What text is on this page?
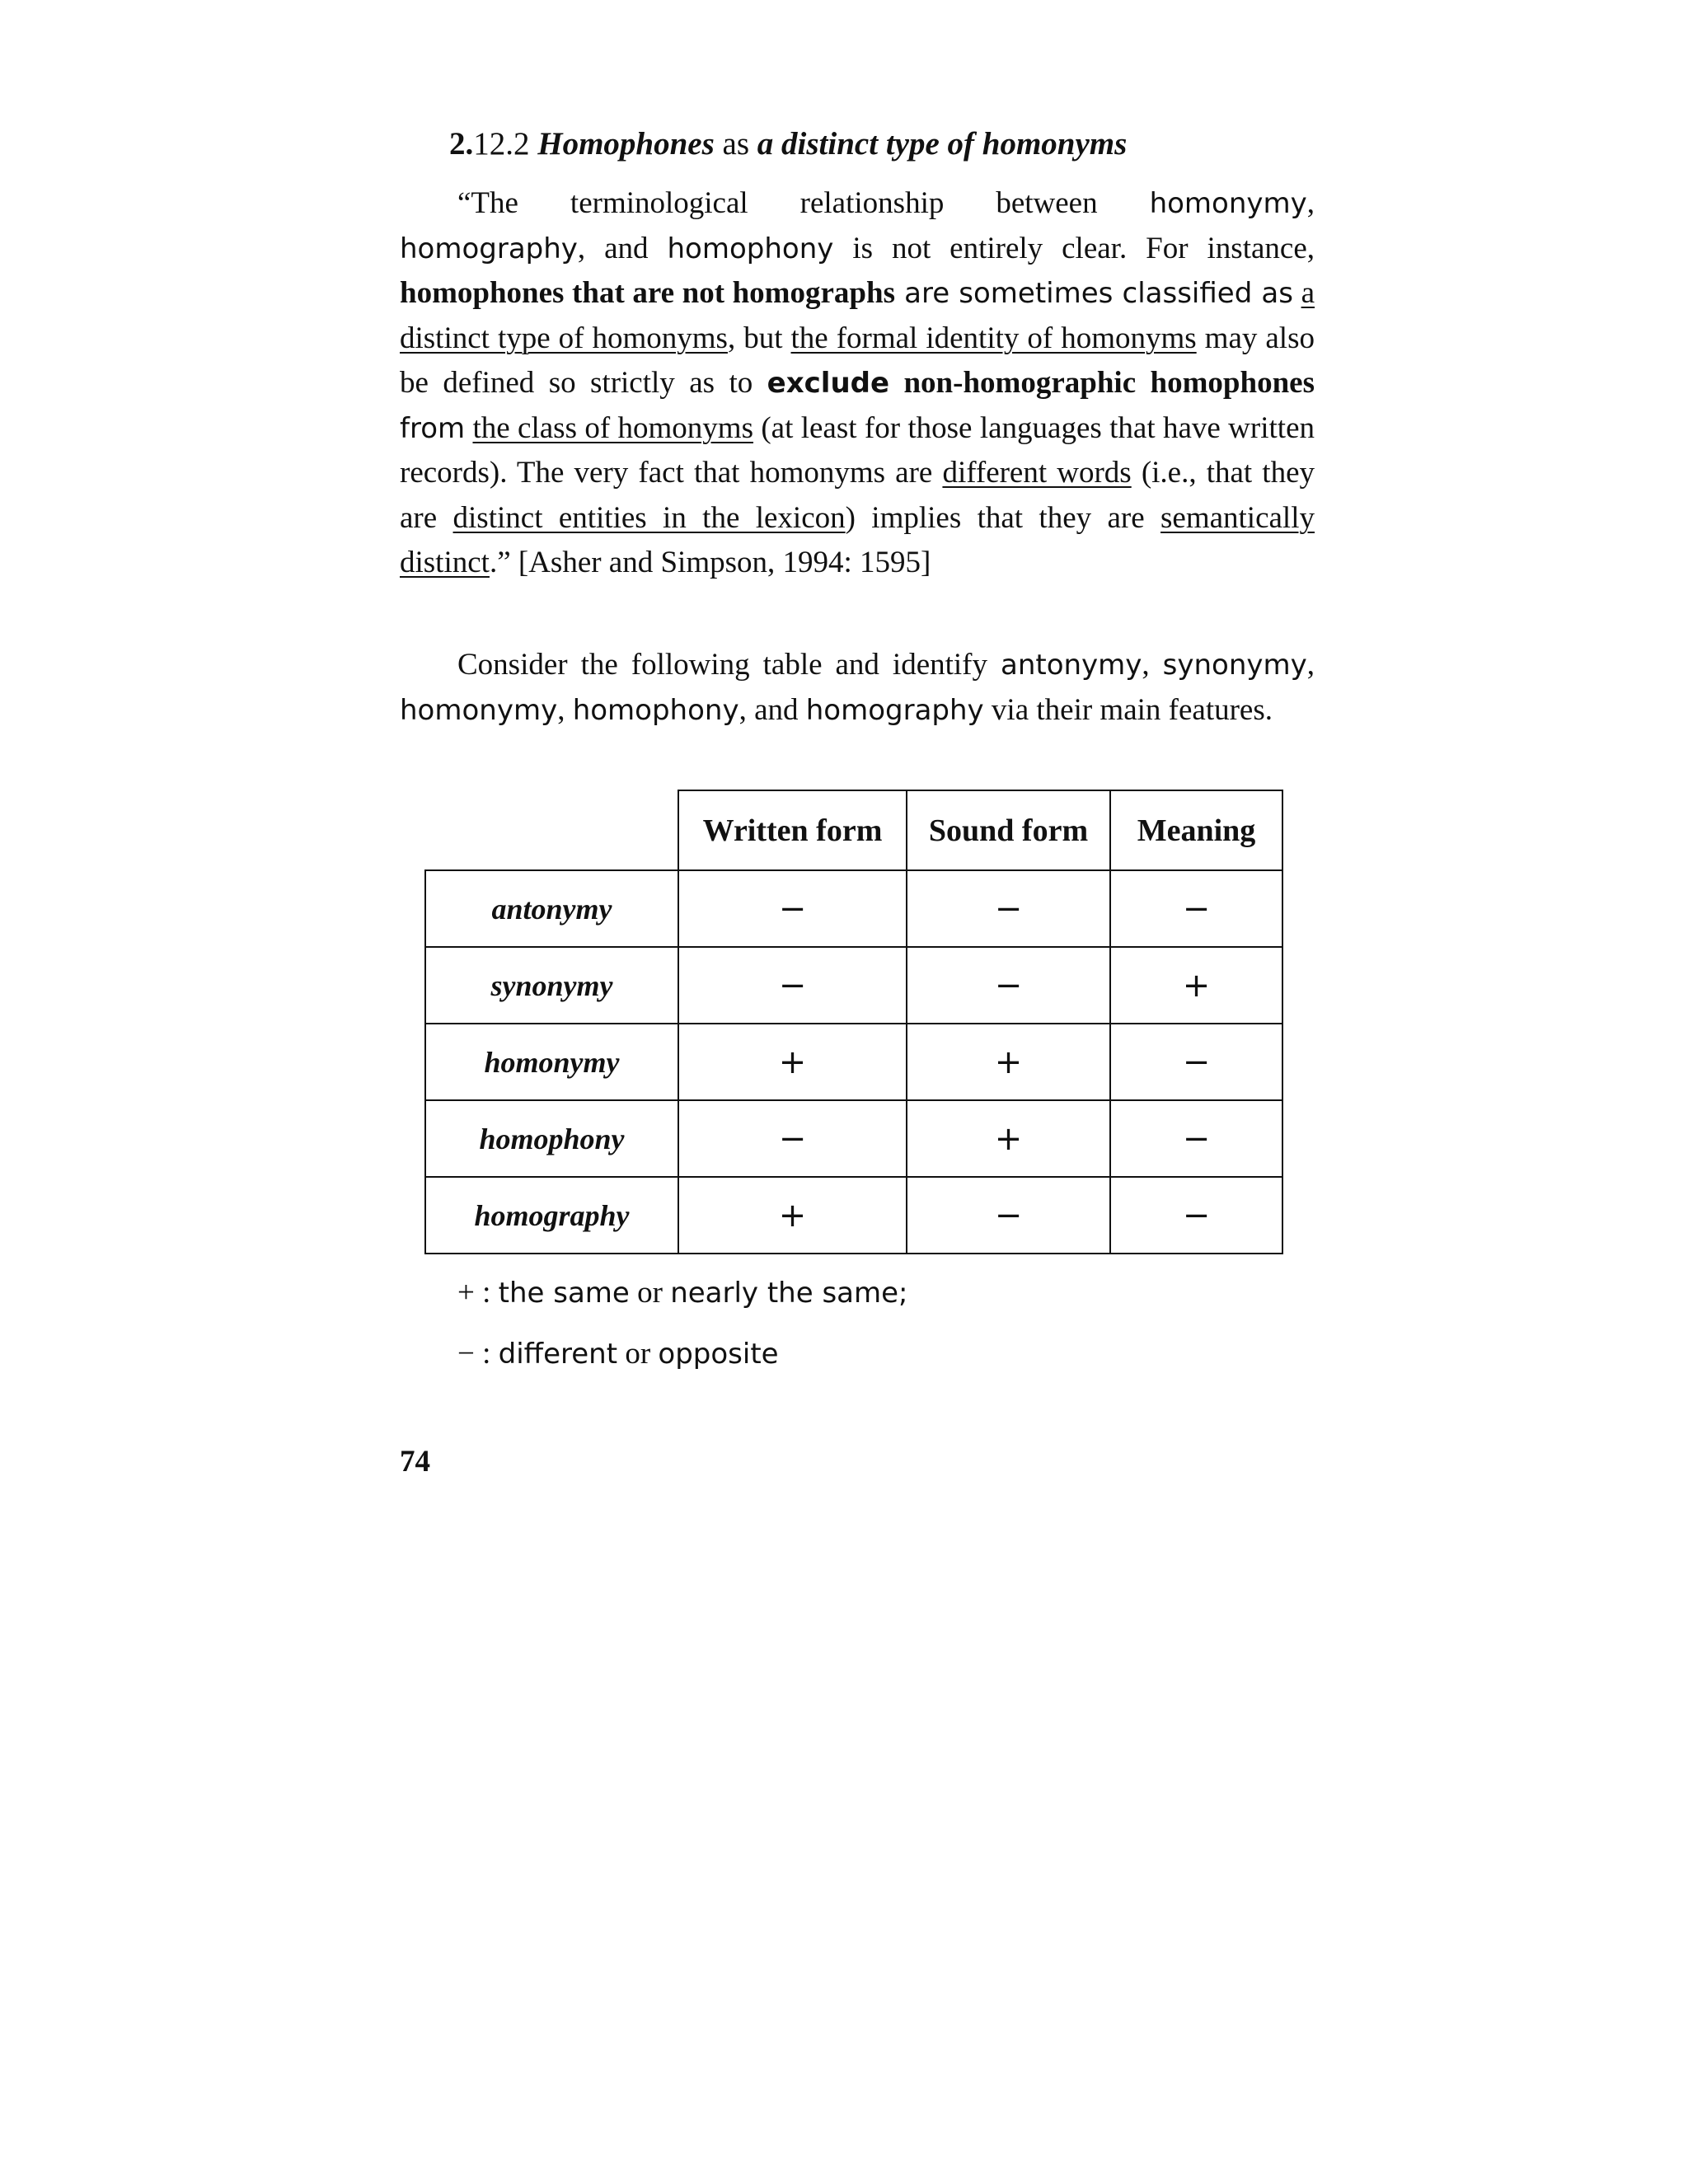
2.12.2 Homophones as a distinct type of homonyms

“The terminological relationship between homonymy, homography, and homophony is not entirely clear. For instance, homophones that are not homographs are sometimes classified as a distinct type of homonyms, but the formal identity of homonyms may also be defined so strictly as to exclude non-homographic homophones from the class of homonyms (at least for those languages that have written records). The very fact that homonyms are different words (i.e., that they are distinct entities in the lexicon) implies that they are semantically distinct.” [Asher and Simpson, 1994: 1595]

Consider the following table and identify antonymy, synonymy, homonymy, homophony, and homography via their main features.

	Written form	Sound form	Meaning
antonymy	−	−	−
synonymy	−	−	+
homonymy	+	+	−
homophony	−	+	−
homography	+	−	−
+ : the same or nearly the same;
− : different or opposite
74
